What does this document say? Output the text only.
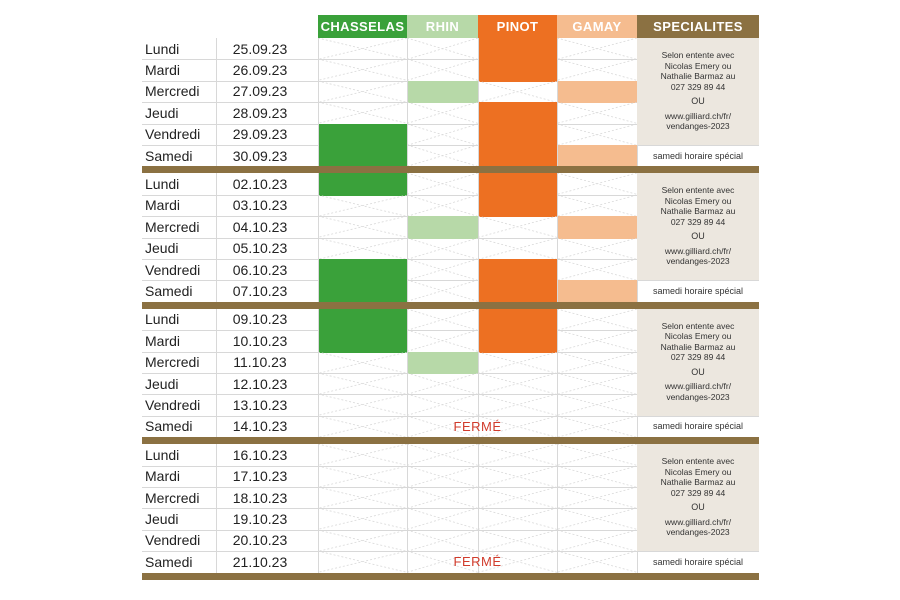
CHASSELAS	RHIN	PINOT	GAMAY	SPECIALITES
Lundi	25.09.23
Mardi	26.09.23
Mercredi	27.09.23
Jeudi	28.09.23
Vendredi	29.09.23
Samedi	30.09.23
Selon entente avec
Nicolas Emery ou
Nathalie Barmaz au
027 329 89 44
OU
www.gilliard.ch/fr/
vendanges-2023
samedi horaire spécial
Lundi	02.10.23
Mardi	03.10.23
Mercredi	04.10.23
Jeudi	05.10.23
Vendredi	06.10.23
Samedi	07.10.23
Selon entente avec
Nicolas Emery ou
Nathalie Barmaz au
027 329 89 44
OU
www.gilliard.ch/fr/
vendanges-2023
samedi horaire spécial
Lundi	09.10.23
Mardi	10.10.23
Mercredi	11.10.23
Jeudi	12.10.23
Vendredi	13.10.23
Samedi	14.10.23
Selon entente avec
Nicolas Emery ou
Nathalie Barmaz au
027 329 89 44
OU
www.gilliard.ch/fr/
vendanges-2023
samedi horaire spécial
FERMÉ
Lundi	16.10.23
Mardi	17.10.23
Mercredi	18.10.23
Jeudi	19.10.23
Vendredi	20.10.23
Samedi	21.10.23
Selon entente avec
Nicolas Emery ou
Nathalie Barmaz au
027 329 89 44
OU
www.gilliard.ch/fr/
vendanges-2023
samedi horaire spécial
FERMÉ
